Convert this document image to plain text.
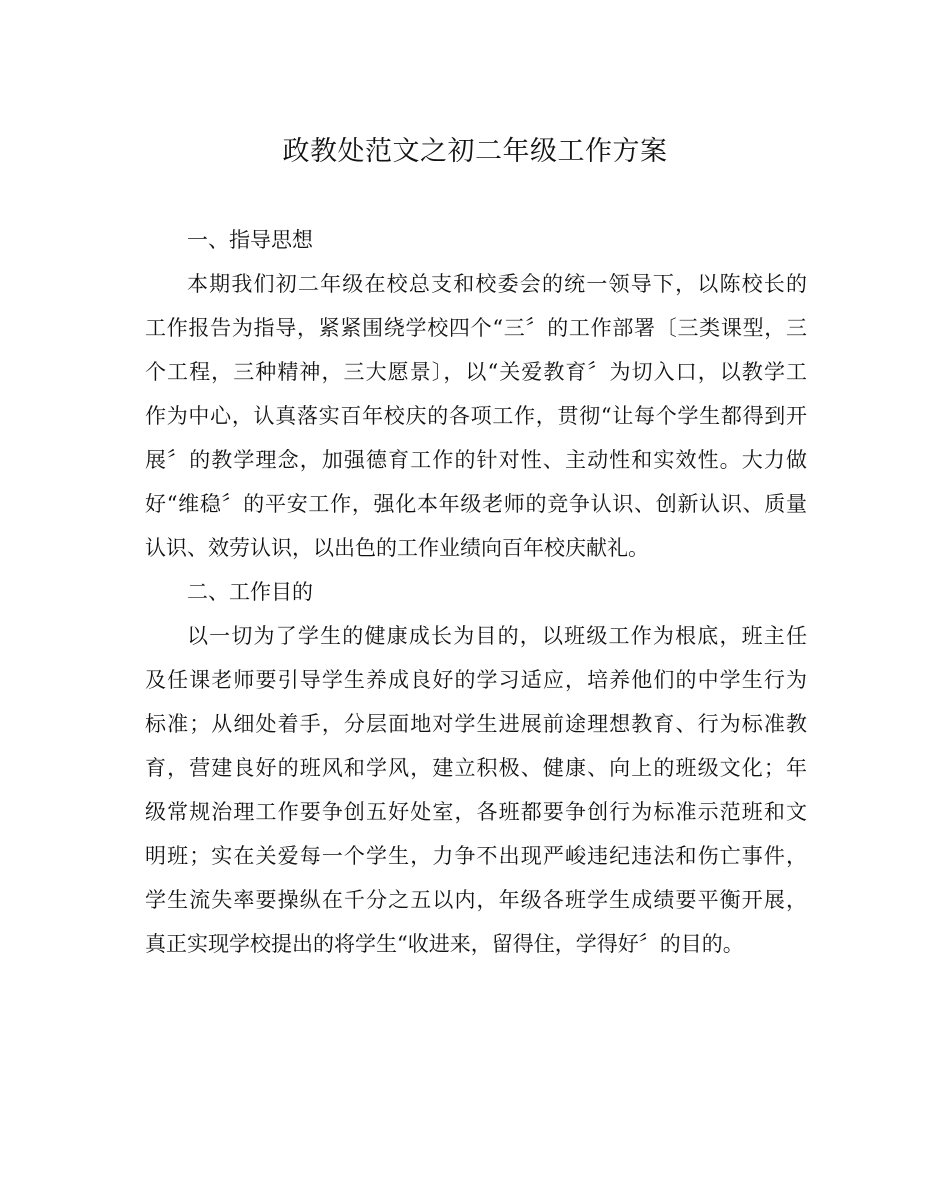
政教处范文之初二年级工作方案

一、指导思想

本期我们初二年级在校总支和校委会的统一领导下，以陈校长的
工作报告为指导，紧紧围绕学校四个“三〞的工作部署〔三类课型，三
个工程，三种精神，三大愿景〕，以“关爱教育〞为切入口，以教学工
作为中心，认真落实百年校庆的各项工作，贯彻“让每个学生都得到开
展〞的教学理念，加强德育工作的针对性、主动性和实效性。大力做
好“维稳〞的平安工作，强化本年级老师的竞争认识、创新认识、质量
认识、效劳认识，以出色的工作业绩向百年校庆献礼。

二、工作目的

以一切为了学生的健康成长为目的，以班级工作为根底，班主任
及任课老师要引导学生养成良好的学习适应，培养他们的中学生行为
标准；从细处着手，分层面地对学生进展前途理想教育、行为标准教
育，营建良好的班风和学风，建立积极、健康、向上的班级文化；年
级常规治理工作要争创五好处室，各班都要争创行为标准示范班和文
明班；实在关爱每一个学生，力争不出现严峻违纪违法和伤亡事件，
学生流失率要操纵在千分之五以内，年级各班学生成绩要平衡开展，
真正实现学校提出的将学生“收进来，留得住，学得好〞的目的。
